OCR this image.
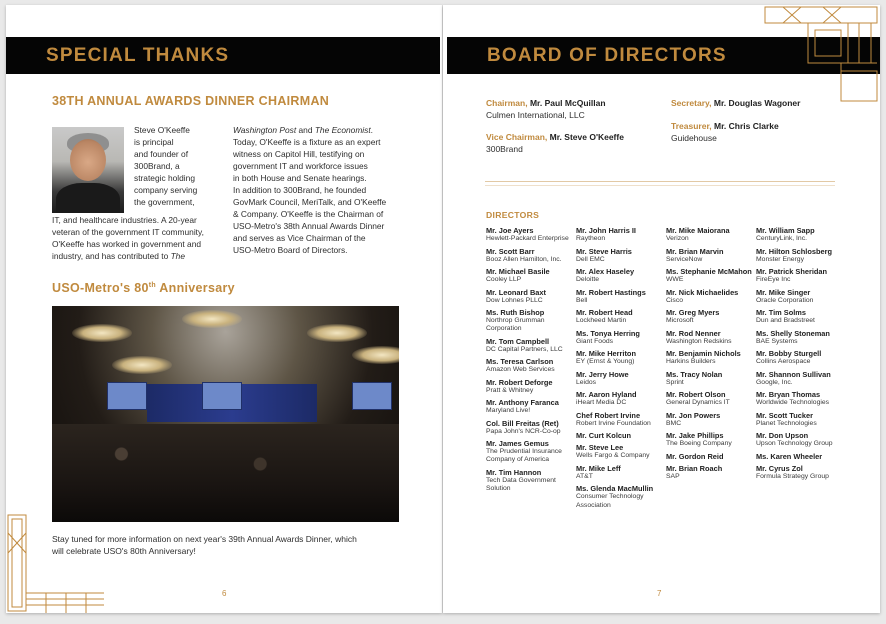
SPECIAL THANKS
38TH ANNUAL AWARDS DINNER CHAIRMAN
Steve O'Keeffe
is principal
and founder of
300Brand, a
strategic holding
company serving
the government,
IT, and healthcare industries. A 20-year
veteran of the government IT community,
O'Keeffe has worked in government and
industry, and has contributed to The
Washington Post and The Economist.
Today, O'Keeffe is a fixture as an expert
witness on Capitol Hill, testifying on
government IT and workforce issues
in both House and Senate hearings.
In addition to 300Brand, he founded
GovMark Council, MeriTalk, and O'Keeffe
& Company. O'Keeffe is the Chairman of
USO-Metro's 38th Annual Awards Dinner
and serves as Vice Chairman of the
USO-Metro Board of Directors.
USO-Metro's 80th Anniversary
Stay tuned for more information on next year's 39th Annual Awards Dinner, which
will celebrate USO's 80th Anniversary!
6
BOARD OF DIRECTORS
Chairman, Mr. Paul McQuillan
Culmen International, LLC
Vice Chairman, Mr. Steve O'Keeffe
300Brand
Secretary, Mr. Douglas Wagoner
Treasurer, Mr. Chris Clarke
Guidehouse
DIRECTORS
Mr. Joe Ayers
Hewlett-Packard Enterprise
Mr. Scott Barr
Booz Allen Hamilton, Inc.
Mr. Michael Basile
Cooley LLP
Mr. Leonard Baxt
Dow Lohnes PLLC
Ms. Ruth Bishop
Northrop Grumman Corporation
Mr. Tom Campbell
DC Capital Partners, LLC
Ms. Teresa Carlson
Amazon Web Services
Mr. Robert Deforge
Pratt & Whitney
Mr. Anthony Faranca
Maryland Live!
Col. Bill Freitas (Ret)
Papa John's NCR-Co-op
Mr. James Gemus
The Prudential Insurance Company of America
Mr. Tim Hannon
Tech Data Government Solution
Mr. John Harris II
Raytheon
Mr. Steve Harris
Dell EMC
Mr. Alex Haseley
Deloitte
Mr. Robert Hastings
Bell
Mr. Robert Head
Lockheed Martin
Ms. Tonya Herring
Giant Foods
Mr. Mike Herriton
EY (Ernst & Young)
Mr. Jerry Howe
Leidos
Mr. Aaron Hyland
iHeart Media DC
Chef Robert Irvine
Robert Irvine Foundation
Mr. Curt Kolcun
Mr. Steve Lee
Wells Fargo & Company
Mr. Mike Leff
AT&T
Ms. Glenda MacMullin
Consumer Technology Association
Mr. Mike Maiorana
Verizon
Mr. Brian Marvin
ServiceNow
Ms. Stephanie McMahon
WWE
Mr. Nick Michaelides
Cisco
Mr. Greg Myers
Microsoft
Mr. Rod Nenner
Washington Redskins
Mr. Benjamin Nichols
Harkins Builders
Ms. Tracy Nolan
Sprint
Mr. Robert Olson
General Dynamics IT
Mr. Jon Powers
BMC
Mr. Jake Phillips
The Boeing Company
Mr. Gordon Reid
Mr. Brian Roach
SAP
Mr. William Sapp
CenturyLink, Inc.
Mr. Hilton Schlosberg
Monster Energy
Mr. Patrick Sheridan
FireEye Inc
Mr. Mike Singer
Oracle Corporation
Mr. Tim Solms
Dun and Bradstreet
Ms. Shelly Stoneman
BAE Systems
Mr. Bobby Sturgell
Collins Aerospace
Mr. Shannon Sullivan
Google, Inc.
Mr. Bryan Thomas
Worldwide Technologies
Mr. Scott Tucker
Planet Technologies
Mr. Don Upson
Upson Technology Group
Ms. Karen Wheeler
Mr. Cyrus Zol
Formula Strategy Group
7
